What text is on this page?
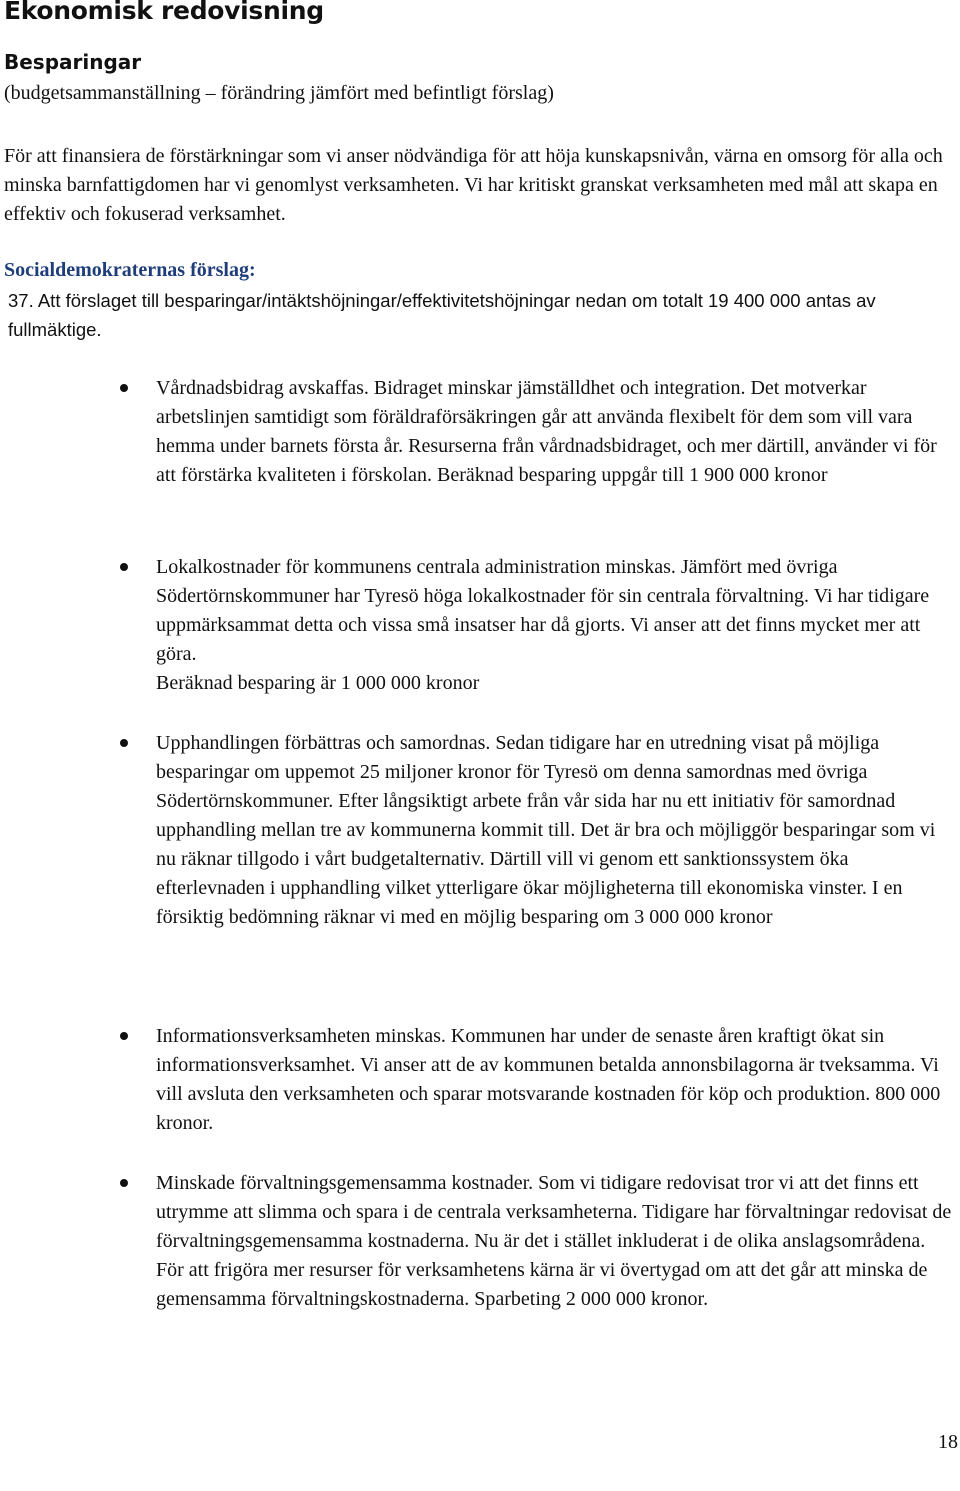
Ekonomisk redovisning
Besparingar
(budgetsammanställning – förändring jämfört med befintligt förslag)

För att finansiera de förstärkningar som vi anser nödvändiga för att höja kunskapsnivån, värna en omsorg för alla och minska barnfattigdomen har vi genomlyst verksamheten. Vi har kritiskt granskat verksamheten med mål att skapa en effektiv och fokuserad verksamhet.

Socialdemokraternas förslag:

37. Att förslaget till besparingar/intäktshöjningar/effektivitetshöjningar nedan om totalt 19 400 000 antas av fullmäktige.

Vårdnadsbidrag avskaffas. Bidraget minskar jämställdhet och integration. Det motverkar arbetslinjen samtidigt som föräldraförsäkringen går att använda flexibelt för dem som vill vara hemma under barnets första år. Resurserna från vårdnadsbidraget, och mer därtill, använder vi för att förstärka kvaliteten i förskolan. Beräknad besparing uppgår till 1 900 000 kronor

Lokalkostnader för kommunens centrala administration minskas. Jämfört med övriga Södertörnskommuner har Tyresö höga lokalkostnader för sin centrala förvaltning. Vi har tidigare uppmärksammat detta och vissa små insatser har då gjorts. Vi anser att det finns mycket mer att göra.

Beräknad besparing är 1 000 000 kronor

Upphandlingen förbättras och samordnas. Sedan tidigare har en utredning visat på möjliga besparingar om uppemot 25 miljoner kronor för Tyresö om denna samordnas med övriga Södertörnskommuner. Efter långsiktigt arbete från vår sida har nu ett initiativ för samordnad upphandling mellan tre av kommunerna kommit till. Det är bra och möjliggör besparingar som vi nu räknar tillgodo i vårt budgetalternativ. Därtill vill vi genom ett sanktionssystem öka efterlevnaden i upphandling vilket ytterligare ökar möjligheterna till ekonomiska vinster. I en försiktig bedömning räknar vi med en möjlig besparing om 3 000 000 kronor

Informationsverksamheten minskas. Kommunen har under de senaste åren kraftigt ökat sin informationsverksamhet. Vi anser att de av kommunen betalda annonsbilagorna är tveksamma. Vi vill avsluta den verksamheten och sparar motsvarande kostnaden för köp och produktion. 800 000 kronor.

Minskade förvaltningsgemensamma kostnader. Som vi tidigare redovisat tror vi att det finns ett utrymme att slimma och spara i de centrala verksamheterna. Tidigare har förvaltningar redovisat de förvaltningsgemensamma kostnaderna. Nu är det i stället inkluderat i de olika anslagsområdena. För att frigöra mer resurser för verksamhetens kärna är vi övertygad om att det går att minska de gemensamma förvaltningskostnaderna. Sparbeting 2 000 000 kronor.

18
